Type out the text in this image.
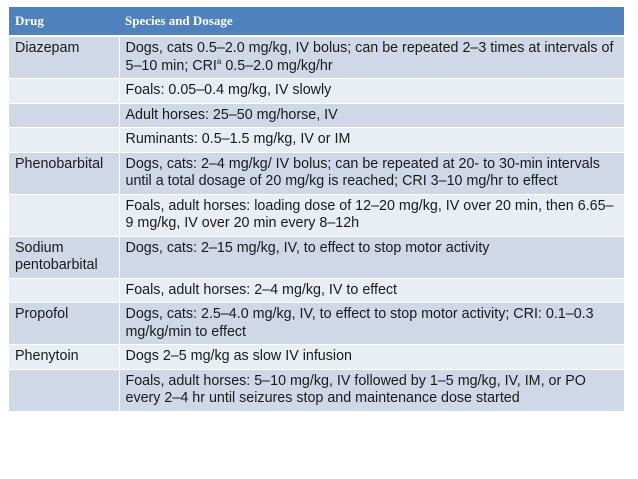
Drug	Species and Dosage
Diazepam	Dogs, cats 0.5–2.0 mg/kg, IV bolus; can be repeated 2–3 times at intervals of 5–10 min; CRI$^a$ 0.5–2.0 mg/kg/hr
	Foals: 0.05–0.4 mg/kg, IV slowly
	Adult horses: 25–50 mg/horse, IV
	Ruminants: 0.5–1.5 mg/kg, IV or IM
Phenobarbital	Dogs, cats: 2–4 mg/kg/ IV bolus; can be repeated at 20- to 30-min intervals until a total dosage of 20 mg/kg is reached; CRI 3–10 mg/hr to effect
	Foals, adult horses: loading dose of 12–20 mg/kg, IV over 20 min, then 6.65–9 mg/kg, IV over 20 min every 8–12h
Sodium pentobarbital	Dogs, cats: 2–15 mg/kg, IV, to effect to stop motor activity
	Foals, adult horses: 2–4 mg/kg, IV to effect
Propofol	Dogs, cats: 2.5–4.0 mg/kg, IV, to effect to stop motor activity; CRI: 0.1–0.3 mg/kg/min to effect
Phenytoin	Dogs 2–5 mg/kg as slow IV infusion
	Foals, adult horses: 5–10 mg/kg, IV followed by 1–5 mg/kg, IV, IM, or PO every 2–4 hr until seizures stop and maintenance dose started
